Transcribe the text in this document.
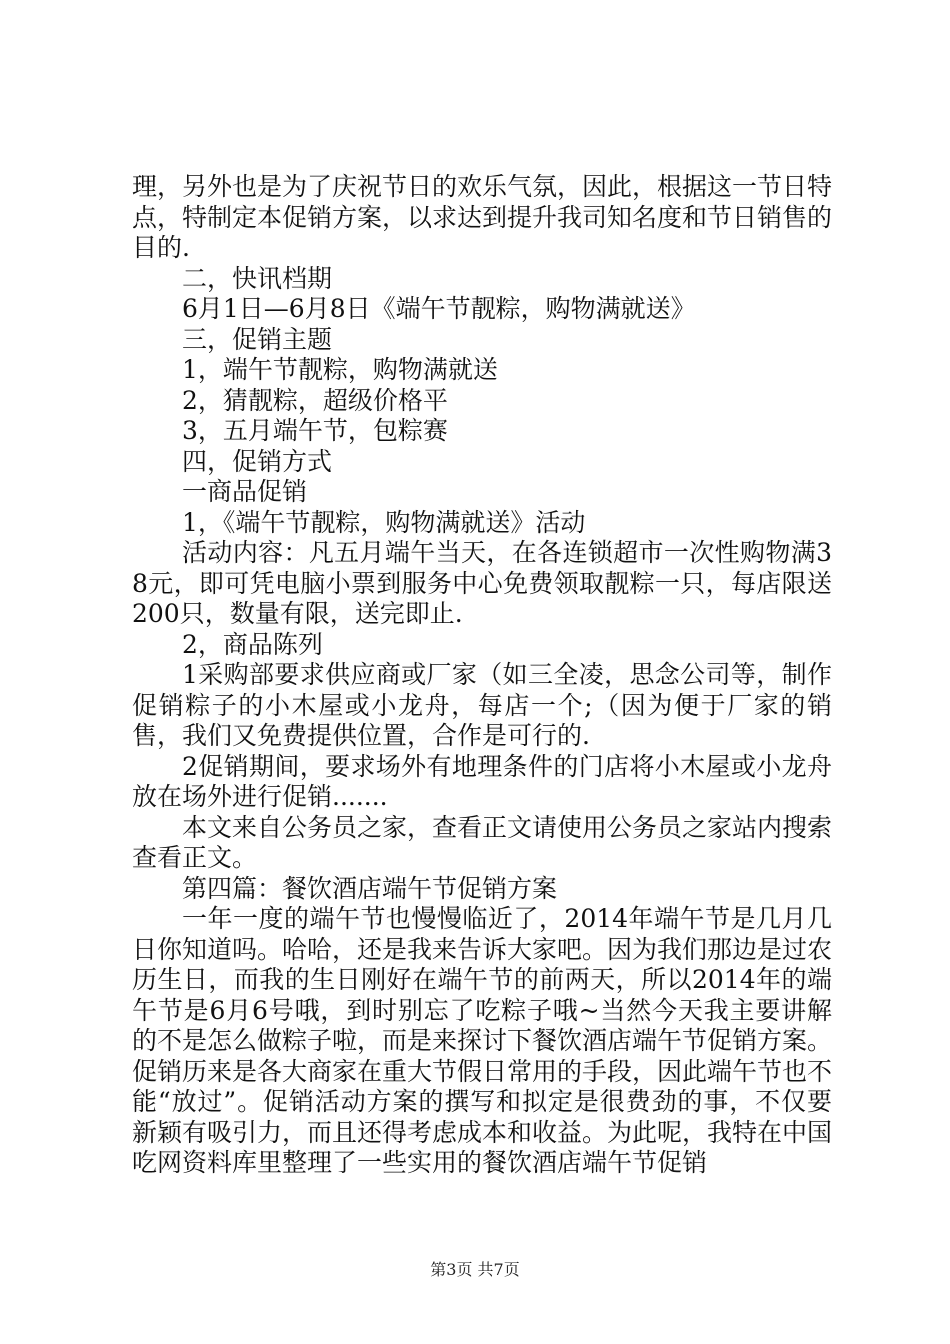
理，另外也是为了庆祝节日的欢乐气氛，因此，根据这一节日特点，特制定本促销方案，以求达到提升我司知名度和节日销售的目的.

二，快讯档期

6月1日—6月8日《端午节靓粽，购物满就送》

三，促销主题

1，端午节靓粽，购物满就送

2，猜靓粽，超级价格平

3，五月端午节，包粽赛

四，促销方式

一商品促销

1，《端午节靓粽，购物满就送》活动

活动内容：凡五月端午当天，在各连锁超市一次性购物满38元，即可凭电脑小票到服务中心免费领取靓粽一只，每店限送200只，数量有限，送完即止.

2，商品陈列

1采购部要求供应商或厂家（如三全凌，思念公司等，制作促销粽子的小木屋或小龙舟，每店一个;（因为便于厂家的销售，我们又免费提供位置，合作是可行的.

2促销期间，要求场外有地理条件的门店将小木屋或小龙舟放在场外进行促销.......

本文来自公务员之家，查看正文请使用公务员之家站内搜索查看正文。

第四篇：餐饮酒店端午节促销方案

一年一度的端午节也慢慢临近了，2014年端午节是几月几日你知道吗。哈哈，还是我来告诉大家吧。因为我们那边是过农历生日，而我的生日刚好在端午节的前两天，所以2014年的端午节是6月6号哦，到时别忘了吃粽子哦~当然今天我主要讲解的不是怎么做粽子啦，而是来探讨下餐饮酒店端午节促销方案。促销历来是各大商家在重大节假日常用的手段，因此端午节也不能“放过”。促销活动方案的撰写和拟定是很费劲的事，不仅要新颖有吸引力，而且还得考虑成本和收益。为此呢，我特在中国吃网资料库里整理了一些实用的餐饮酒店端午节促销

第3页 共7页
